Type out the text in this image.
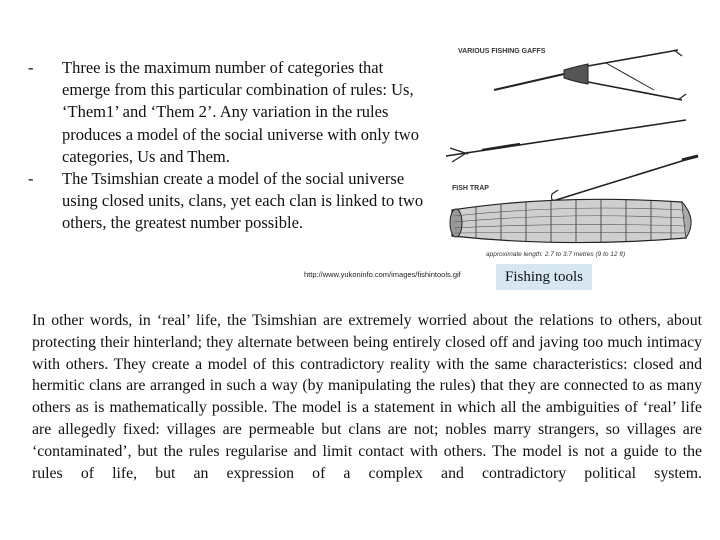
- Three is the maximum number of categories that emerge from this particular combination of rules: Us, ‘Them1’ and ‘Them 2’. Any variation in the rules produces a model of the social universe with only two categories, Us and Them.
- The Tsimshian create a model of the social universe using closed units, clans, yet each clan is linked to two others, the greatest number possible.
VARIOUS FISHING GAFFS
FISH TRAP
approximate length: 2.7 to 3.7 metres (9 to 12 ft)
http://www.yukoninfo.com/images/fishintools.gif	Fishing tools

In other words, in ‘real’ life, the Tsimshian are extremely worried about the relations to others, about protecting their hinterland; they alternate between being entirely closed off and javing too much intimacy with others. They create a model of this contradictory reality with the same characteristics: closed and hermitic clans are arranged in such a way (by manipulating the rules) that they are connected to as many others as is mathematically possible. The model is a statement in which all the ambiguities of ‘real’ life are allegedly fixed: villages are permeable but clans are not; nobles marry strangers, so villages are ‘contaminated’, but the rules regularise and limit contact with others. The model is not a guide to the rules of life, but an expression of a complex and contradictory political system.
